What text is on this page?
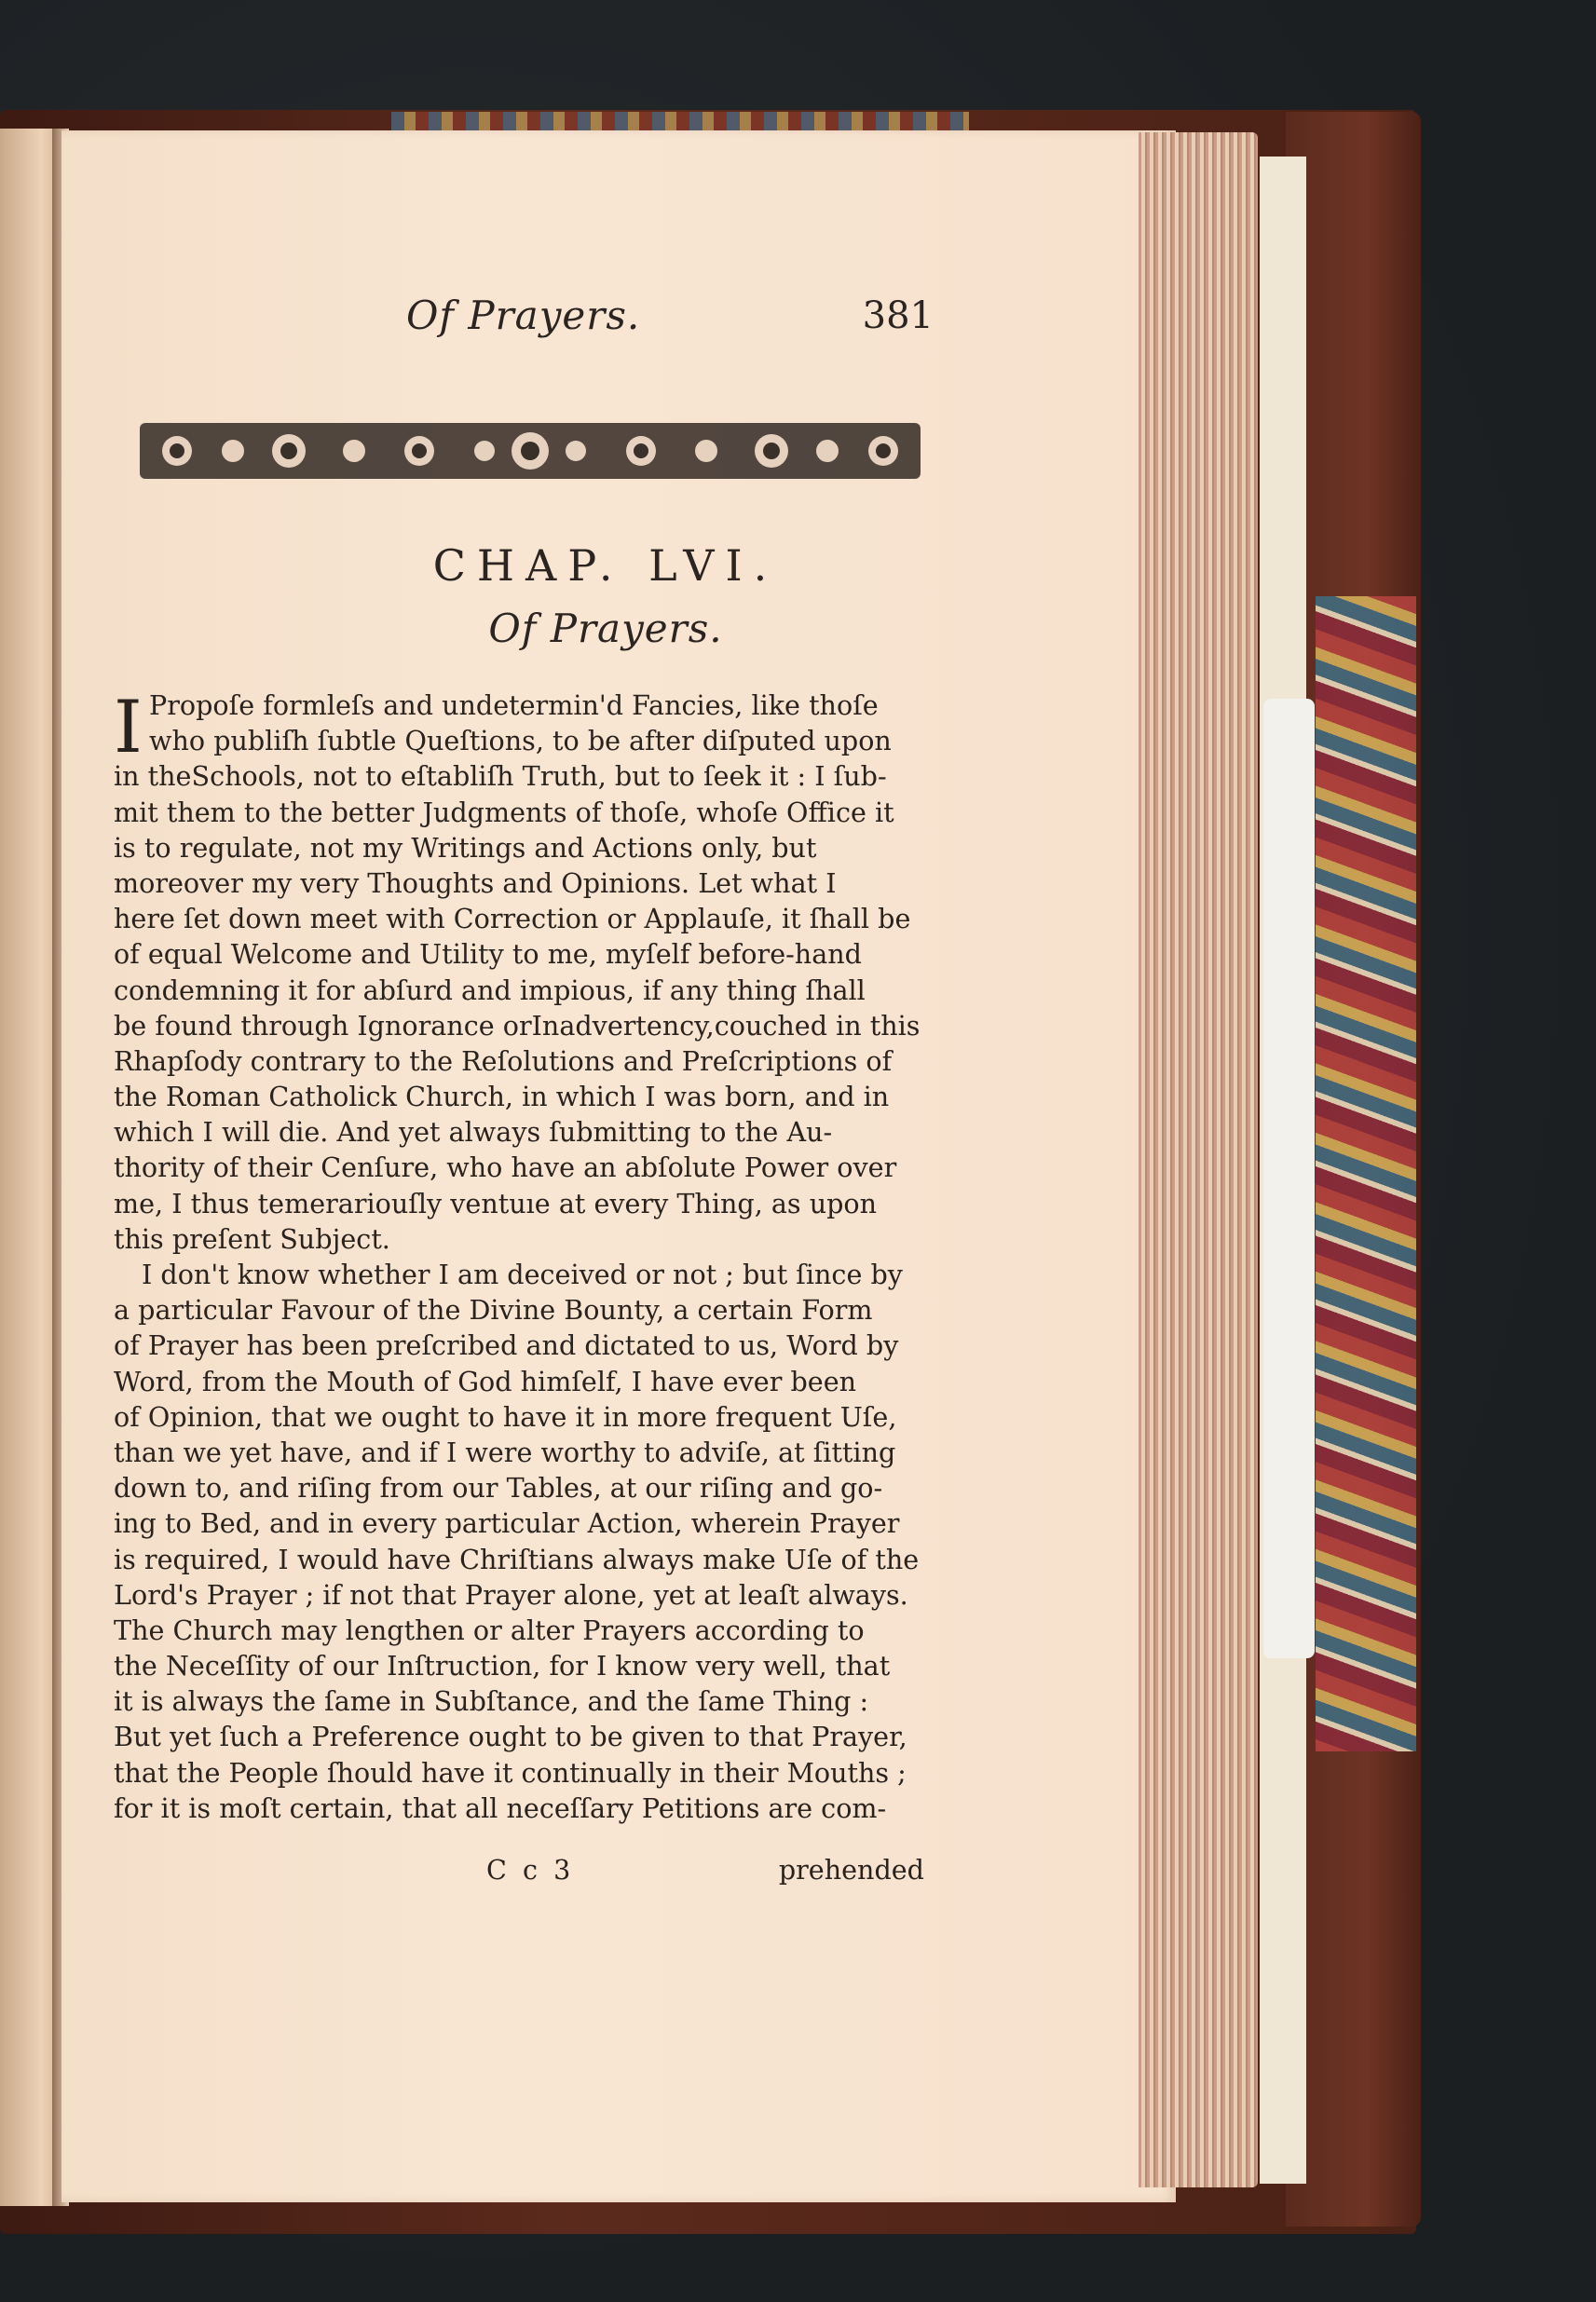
Of Prayers.	381
CHAP. LVI.
Of Prayers.
I Propoſe formleſs and undetermin'd Fancies, like thoſe
who publiſh ſubtle Queſtions, to be after diſputed upon
in theSchools, not to eſtabliſh Truth, but to ſeek it : I ſub-
mit them to the better Judgments of thoſe, whoſe Office it
is to regulate, not my Writings and Actions only, but
moreover my very Thoughts and Opinions. Let what I
here ſet down meet with Correction or Applauſe, it ſhall be
of equal Welcome and Utility to me, myſelf before-hand
condemning it for abſurd and impious, if any thing ſhall
be found through Ignorance orInadvertency,couched in this
Rhapſody contrary to the Reſolutions and Preſcriptions of
the Roman Catholick Church, in which I was born, and in
which I will die. And yet always ſubmitting to the Au-
thority of their Cenſure, who have an abſolute Power over
me, I thus temerariouſly ventuıe at every Thing, as upon
this preſent Subject.
I don't know whether I am deceived or not ; but ſince by
a particular Favour of the Divine Bounty, a certain Form
of Prayer has been preſcribed and dictated to us, Word by
Word, from the Mouth of God himſelf, I have ever been
of Opinion, that we ought to have it in more frequent Uſe,
than we yet have, and if I were worthy to adviſe, at ſitting
down to, and riſing from our Tables, at our riſing and go-
ing to Bed, and in every particular Action, wherein Prayer
is required, I would have Chriſtians always make Uſe of the
Lord's Prayer ; if not that Prayer alone, yet at leaſt always.
The Church may lengthen or alter Prayers according to
the Neceſſity of our Inſtruction, for I know very well, that
it is always the ſame in Subſtance, and the ſame Thing :
But yet ſuch a Preference ought to be given to that Prayer,
that the People ſhould have it continually in their Mouths ;
for it is moſt certain, that all neceſſary Petitions are com-
C c 3	prehended
